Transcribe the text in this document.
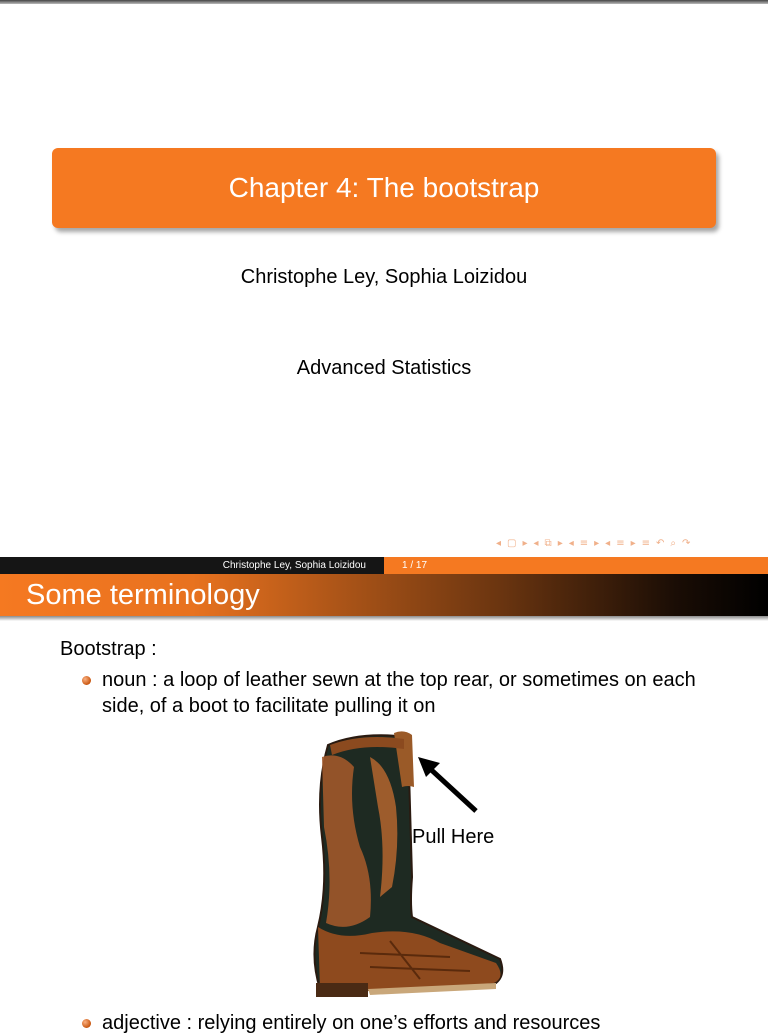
Chapter 4: The bootstrap
Christophe Ley, Sophia Loizidou
Advanced Statistics
◂ ▢ ▸ ◂ ⧉ ▸ ◂ ≡ ▸ ◂ ≡ ▸ ≡ ↶ ⌕ ↷
Christophe Ley, Sophia Loizidou	1 / 17
Some terminology
Bootstrap :
noun : a loop of leather sewn at the top rear, or sometimes on each side, of a boot to facilitate pulling it on
Pull Here
adjective : relying entirely on one’s efforts and resources
